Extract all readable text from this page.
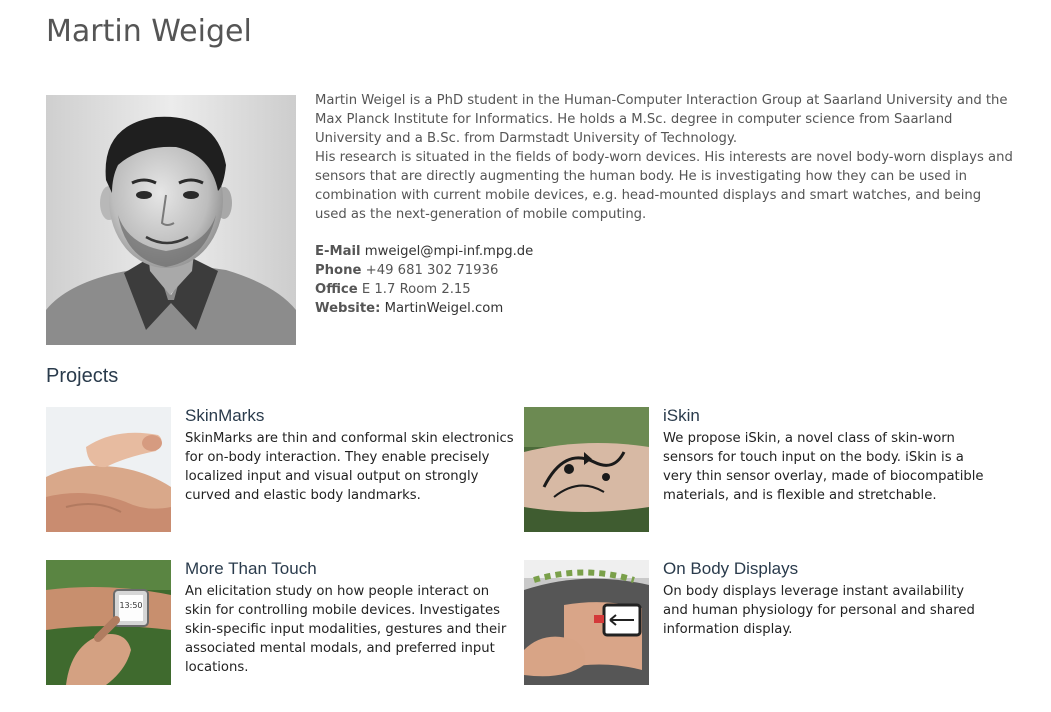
Martin Weigel

Martin Weigel is a PhD student in the Human-Computer Interaction Group at Saarland University and the Max Planck Institute for Informatics. He holds a M.Sc. degree in computer science from Saarland University and a B.Sc. from Darmstadt University of Technology.

His research is situated in the fields of body-worn devices. His interests are novel body-worn displays and sensors that are directly augmenting the human body. He is investigating how they can be used in combination with current mobile devices, e.g. head-mounted displays and smart watches, and being used as the next-generation of mobile computing.

E-Mail mweigel@mpi-inf.mpg.de
Phone +49 681 302 71936
Office E 1.7 Room 2.15
Website: MartinWeigel.com
Projects
SkinMarks

SkinMarks are thin and conformal skin electronics for on-body interaction. They enable precisely localized input and visual output on strongly curved and elastic body landmarks.

iSkin

We propose iSkin, a novel class of skin-worn sensors for touch input on the body. iSkin is a very thin sensor overlay, made of biocompatible materials, and is flexible and stretchable.

13:50
More Than Touch

An elicitation study on how people interact on skin for controlling mobile devices. Investigates skin-specific input modalities, gestures and their associated mental modals, and preferred input locations.

On Body Displays

On body displays leverage instant availability and human physiology for personal and shared information display.
